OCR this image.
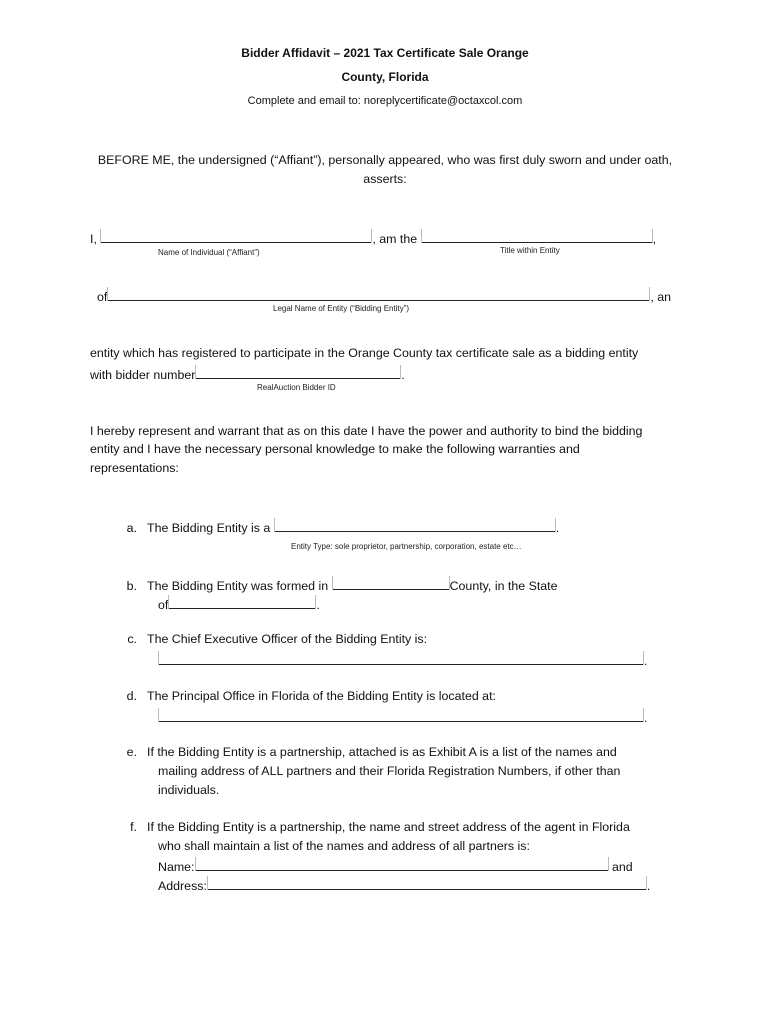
Bidder Affidavit – 2021 Tax Certificate Sale Orange
County, Florida
Complete and email to: noreplycertificate@octaxcol.com
BEFORE ME, the undersigned (“Affiant”), personally appeared, who was first duly sworn and under oath,
asserts:
I,	, am the	,
Name of Individual (“Affiant”)	Title within Entity
of	, an
Legal Name of Entity (“Bidding Entity”)
entity which has registered to participate in the Orange County tax certificate sale as a bidding entity
with bidder number	.
RealAuction Bidder ID
I hereby represent and warrant that as on this date I have the power and authority to bind the bidding
entity and I have the necessary personal knowledge to make the following warranties and
representations:
a. The Bidding Entity is a	.
Entity Type: sole proprietor, partnership, corporation, estate etc…
b. The Bidding Entity was formed in	County, in the State
of	.
c. The Chief Executive Officer of the Bidding Entity is:
.
d. The Principal Office in Florida of the Bidding Entity is located at:
.
e. If the Bidding Entity is a partnership, attached is as Exhibit A is a list of the names and
mailing address of ALL partners and their Florida Registration Numbers, if other than
individuals.
f. If the Bidding Entity is a partnership, the name and street address of the agent in Florida
who shall maintain a list of the names and address of all partners is:
Name:	and
Address:	.
